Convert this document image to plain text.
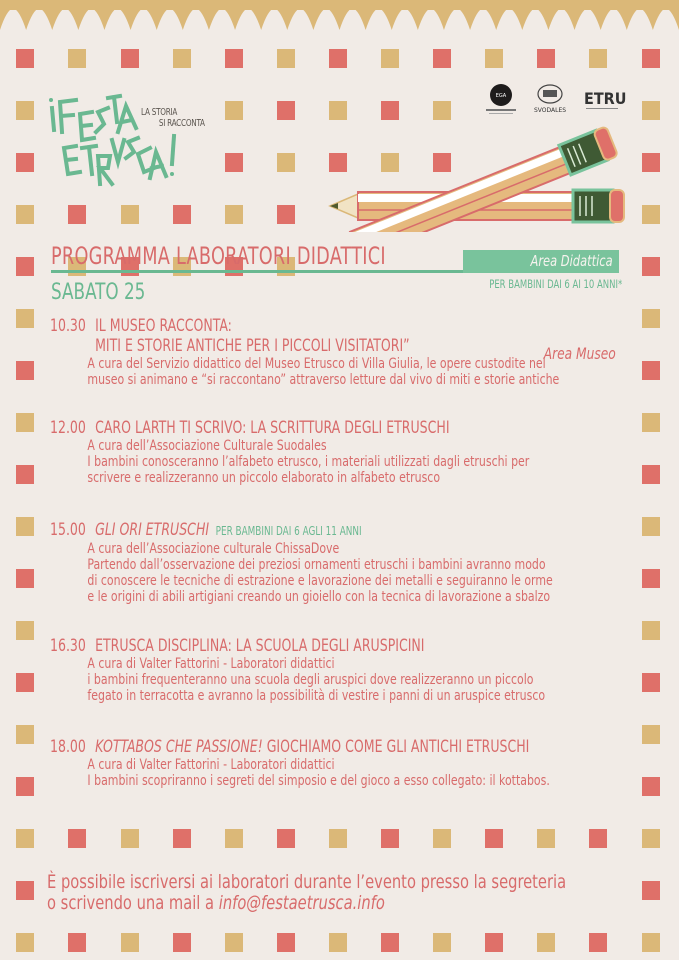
LA STORIA
SI RACCONTA
EGA
SVODALES
ETRU
PROGRAMMA LABORATORI DIDATTICI	Area Didattica
SABATO 25	PER BAMBINI DAI 6 AI 10 ANNI*
10.30 IL MUSEO RACCONTA:
MITI E STORIE ANTICHE PER I PICCOLI VISITATORI”	Area Museo
A cura del Servizio didattico del Museo Etrusco di Villa Giulia, le opere custodite nel
museo si animano e “si raccontano” attraverso letture dal vivo di miti e storie antiche
12.00 CARO LARTH TI SCRIVO: LA SCRITTURA DEGLI ETRUSCHI
A cura dell’Associazione Culturale Suodales
I bambini conosceranno l’alfabeto etrusco, i materiali utilizzati dagli etruschi per
scrivere e realizzeranno un piccolo elaborato in alfabeto etrusco
15.00 GLI ORI ETRUSCHI PER BAMBINI DAI 6 AGLI 11 ANNI
A cura dell’Associazione culturale ChissaDove
Partendo dall’osservazione dei preziosi ornamenti etruschi i bambini avranno modo
di conoscere le tecniche di estrazione e lavorazione dei metalli e seguiranno le orme
e le origini di abili artigiani creando un gioiello con la tecnica di lavorazione a sbalzo
16.30 ETRUSCA DISCIPLINA: LA SCUOLA DEGLI ARUSPICINI
A cura di Valter Fattorini - Laboratori didattici
i bambini frequenteranno una scuola degli aruspici dove realizzeranno un piccolo
fegato in terracotta e avranno la possibilità di vestire i panni di un aruspice etrusco
18.00 KOTTABOS CHE PASSIONE! GIOCHIAMO COME GLI ANTICHI ETRUSCHI
A cura di Valter Fattorini - Laboratori didattici
I bambini scopriranno i segreti del simposio e del gioco a esso collegato: il kottabos.
È possibile iscriversi ai laboratori durante l’evento presso la segreteria
o scrivendo una mail a info@festaetrusca.info
